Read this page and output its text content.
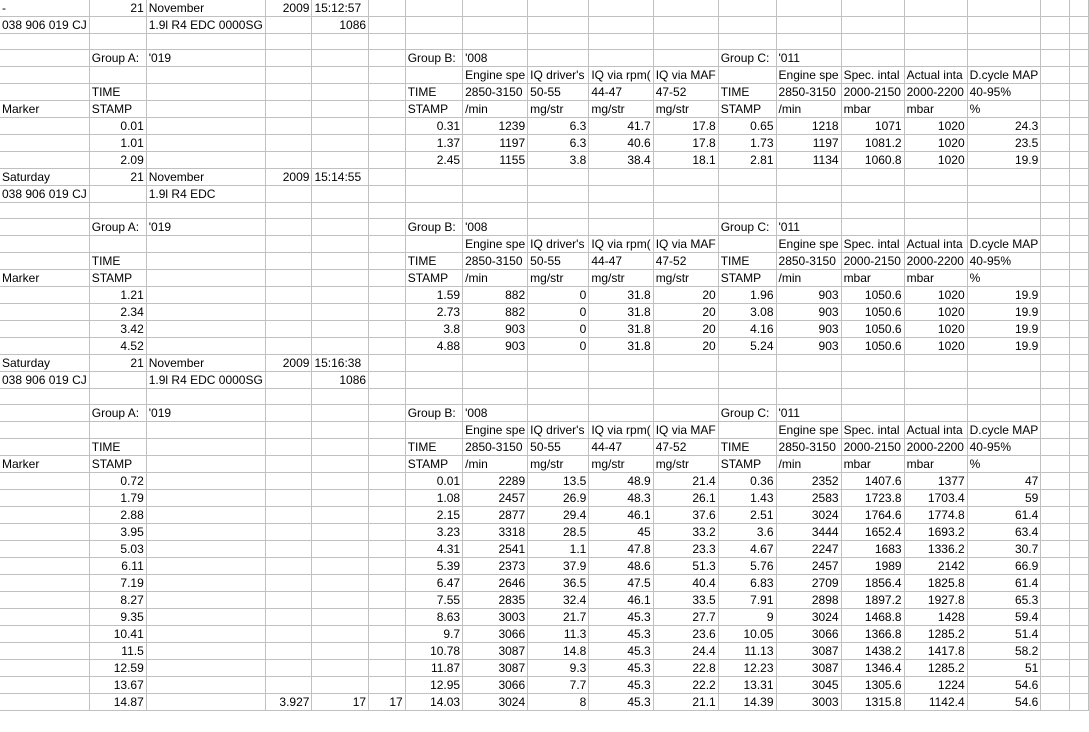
-	21	November	2009	15:12:57													
038 906 019 CJ		1.9l R4 EDC 0000SG		1086													

	Group A:	'019				Group B:	'008				Group C:	'011					
							Engine spe	IQ driver's	IQ via rpm(	IQ via MAF		Engine spe	Spec. intal	Actual inta	D.cycle MAP		
	TIME					TIME	2850-3150	50-55	44-47	47-52	TIME	2850-3150	2000-2150	2000-2200	40-95%		
Marker	STAMP					STAMP	/min	mg/str	mg/str	mg/str	STAMP	/min	mbar	mbar	%		
	0.01					0.31	1239	6.3	41.7	17.8	0.65	1218	1071	1020	24.3		
	1.01					1.37	1197	6.3	40.6	17.8	1.73	1197	1081.2	1020	23.5		
	2.09					2.45	1155	3.8	38.4	18.1	2.81	1134	1060.8	1020	19.9		
Saturday	21	November	2009	15:14:55													
038 906 019 CJ		1.9l R4 EDC															

	Group A:	'019				Group B:	'008				Group C:	'011					
							Engine spe	IQ driver's	IQ via rpm(	IQ via MAF		Engine spe	Spec. intal	Actual inta	D.cycle MAP		
	TIME					TIME	2850-3150	50-55	44-47	47-52	TIME	2850-3150	2000-2150	2000-2200	40-95%		
Marker	STAMP					STAMP	/min	mg/str	mg/str	mg/str	STAMP	/min	mbar	mbar	%		
	1.21					1.59	882	0	31.8	20	1.96	903	1050.6	1020	19.9		
	2.34					2.73	882	0	31.8	20	3.08	903	1050.6	1020	19.9		
	3.42					3.8	903	0	31.8	20	4.16	903	1050.6	1020	19.9		
	4.52					4.88	903	0	31.8	20	5.24	903	1050.6	1020	19.9		
Saturday	21	November	2009	15:16:38													
038 906 019 CJ		1.9l R4 EDC 0000SG		1086													

	Group A:	'019				Group B:	'008				Group C:	'011					
							Engine spe	IQ driver's	IQ via rpm(	IQ via MAF		Engine spe	Spec. intal	Actual inta	D.cycle MAP		
	TIME					TIME	2850-3150	50-55	44-47	47-52	TIME	2850-3150	2000-2150	2000-2200	40-95%		
Marker	STAMP					STAMP	/min	mg/str	mg/str	mg/str	STAMP	/min	mbar	mbar	%		
	0.72					0.01	2289	13.5	48.9	21.4	0.36	2352	1407.6	1377	47		
	1.79					1.08	2457	26.9	48.3	26.1	1.43	2583	1723.8	1703.4	59		
	2.88					2.15	2877	29.4	46.1	37.6	2.51	3024	1764.6	1774.8	61.4		
	3.95					3.23	3318	28.5	45	33.2	3.6	3444	1652.4	1693.2	63.4		
	5.03					4.31	2541	1.1	47.8	23.3	4.67	2247	1683	1336.2	30.7		
	6.11					5.39	2373	37.9	48.6	51.3	5.76	2457	1989	2142	66.9		
	7.19					6.47	2646	36.5	47.5	40.4	6.83	2709	1856.4	1825.8	61.4		
	8.27					7.55	2835	32.4	46.1	33.5	7.91	2898	1897.2	1927.8	65.3		
	9.35					8.63	3003	21.7	45.3	27.7	9	3024	1468.8	1428	59.4		
	10.41					9.7	3066	11.3	45.3	23.6	10.05	3066	1366.8	1285.2	51.4		
	11.5					10.78	3087	14.8	45.3	24.4	11.13	3087	1438.2	1417.8	58.2		
	12.59					11.87	3087	9.3	45.3	22.8	12.23	3087	1346.4	1285.2	51		
	13.67					12.95	3066	7.7	45.3	22.2	13.31	3045	1305.6	1224	54.6		
	14.87		3.927	17	17	14.03	3024	8	45.3	21.1	14.39	3003	1315.8	1142.4	54.6		
